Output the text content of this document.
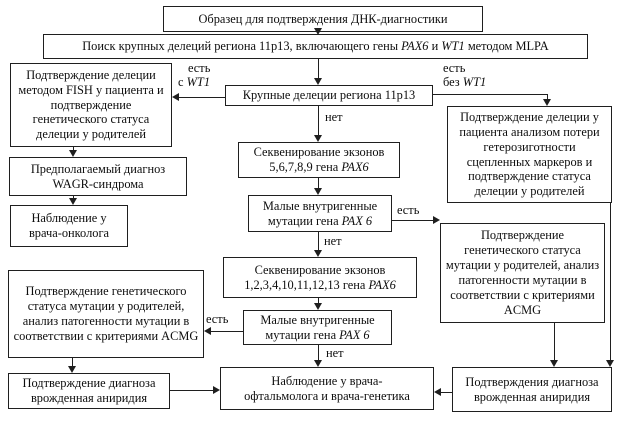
Образец для подтверждения ДНК-диагностики
Поиск крупных делеций региона 11p13, включающего гены PAX6 и WT1 методом MLPA
Подтверждение делеции методом FISH у пациента и подтверждение генетического статуса делеции у родителей
Крупные делеции региона 11p13
Подтверждение делеции у пациента анализом потери гетерозиготности сцепленных маркеров и подтверждение статуса делеции у родителей
Предполагаемый диагноз WAGR-синдрома
Наблюдение у врача-онколога
Секвенирование экзонов 5,6,7,8,9 гена PAX6
Малые внутригенные мутации гена PAX 6
Подтверждение генетического статуса мутации у родителей, анализ патогенности мутации в соответствии с критериями ACMG
Секвенирование экзонов 1,2,3,4,10,11,12,13 гена PAX6
Малые внутригенные мутации гена PAX 6
Подтверждение генетического статуса мутации у родителей, анализ патогенности мутации в соответствии с критериями ACMG
Подтверждение диагноза врожденная аниридия
Наблюдение у врача-
офтальмолога и врача-генетика
Подтверждения диагноза врожденная аниридия
есть
с WT1
есть
без WT1
нет
есть
нет
есть
нет
